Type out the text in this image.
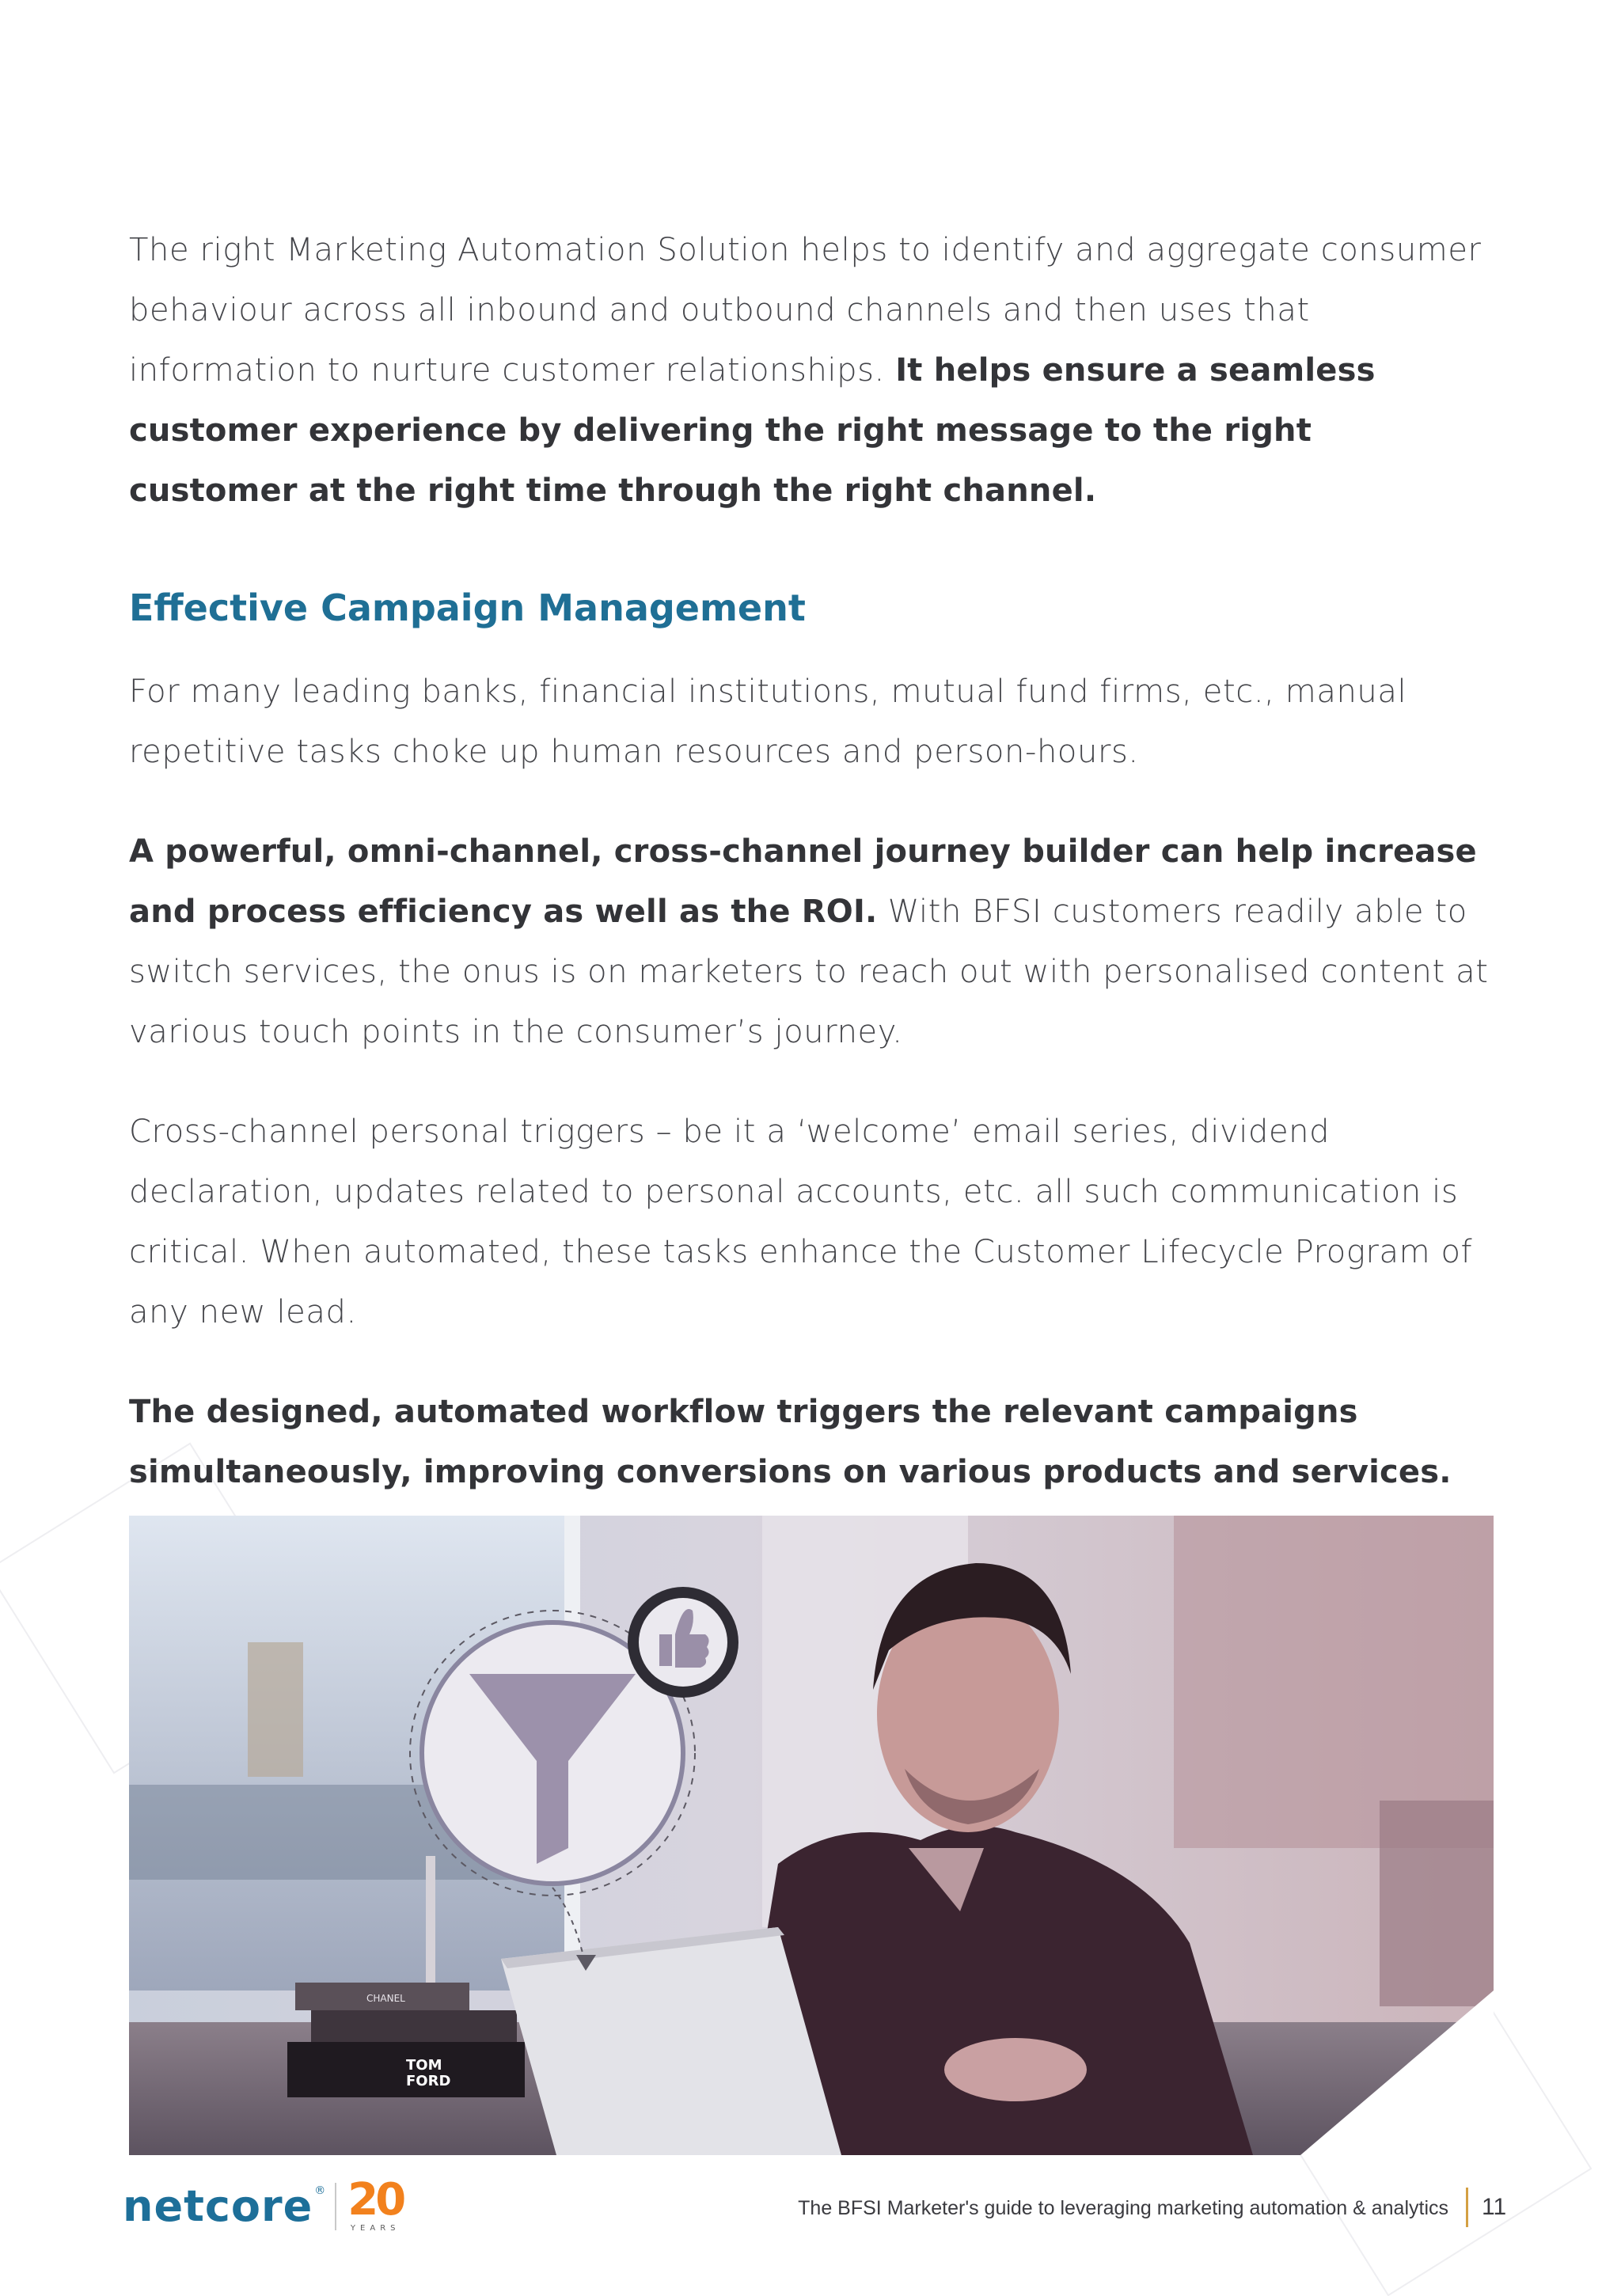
The right Marketing Automation Solution helps to identify and aggregate consumer behaviour across all inbound and outbound channels and then uses that information to nurture customer relationships. It helps ensure a seamless customer experience by delivering the right message to the right customer at the right time through the right channel.

Effective Campaign Management

For many leading banks, financial institutions, mutual fund firms, etc., manual repetitive tasks choke up human resources and person-hours.

A powerful, omni-channel, cross-channel journey builder can help increase and process efficiency as well as the ROI. With BFSI customers readily able to switch services, the onus is on marketers to reach out with personalised content at various touch points in the consumer’s journey.

Cross-channel personal triggers – be it a ‘welcome’ email series, dividend declaration, updates related to personal accounts, etc. all such communication is critical. When automated, these tasks enhance the Customer Lifecycle Program of any new lead.

The designed, automated workflow triggers the relevant campaigns simultaneously, improving conversions on various products and services.

CHANEL
TOM
FORD
netcore ® 20
YEARS
The BFSI Marketer's guide to leveraging marketing automation & analytics 11
